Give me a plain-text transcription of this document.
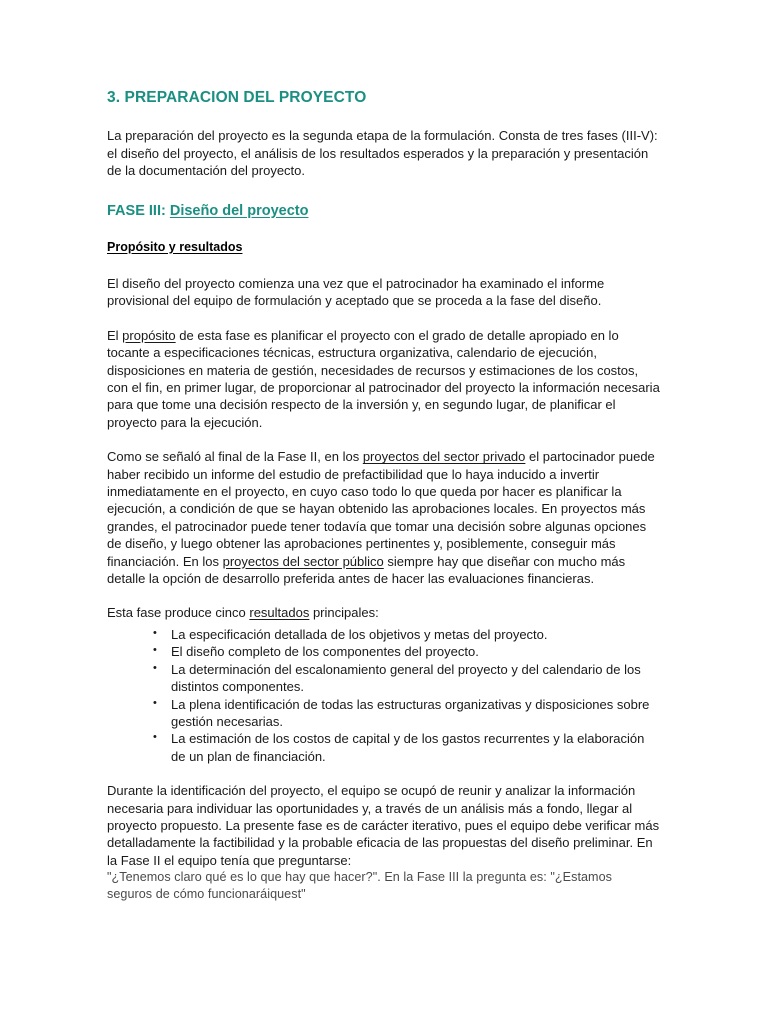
3. PREPARACION DEL PROYECTO

La preparación del proyecto es la segunda etapa de la formulación. Consta de tres fases (III-V): el diseño del proyecto, el análisis de los resultados esperados y la preparación y presentación de la documentación del proyecto.

FASE III: Diseño del proyecto
Propósito y resultados

El diseño del proyecto comienza una vez que el patrocinador ha examinado el informe provisional del equipo de formulación y aceptado que se proceda a la fase del diseño.

El propósito de esta fase es planificar el proyecto con el grado de detalle apropiado en lo tocante a especificaciones técnicas, estructura organizativa, calendario de ejecución, disposiciones en materia de gestión, necesidades de recursos y estimaciones de los costos, con el fin, en primer lugar, de proporcionar al patrocinador del proyecto la información necesaria para que tome una decisión respecto de la inversión y, en segundo lugar, de planificar el proyecto para la ejecución.

Como se señaló al final de la Fase II, en los proyectos del sector privado el partocinador puede haber recibido un informe del estudio de prefactibilidad que lo haya inducido a invertir inmediatamente en el proyecto, en cuyo caso todo lo que queda por hacer es planificar la ejecución, a condición de que se hayan obtenido las aprobaciones locales. En proyectos más grandes, el patrocinador puede tener todavía que tomar una decisión sobre algunas opciones de diseño, y luego obtener las aprobaciones pertinentes y, posiblemente, conseguir más financiación. En los proyectos del sector público siempre hay que diseñar con mucho más detalle la opción de desarrollo preferida antes de hacer las evaluaciones financieras.

Esta fase produce cinco resultados principales:

• La especificación detallada de los objetivos y metas del proyecto.
• El diseño completo de los componentes del proyecto.
• La determinación del escalonamiento general del proyecto y del calendario de los distintos componentes.
• La plena identificación de todas las estructuras organizativas y disposiciones sobre gestión necesarias.
• La estimación de los costos de capital y de los gastos recurrentes y la elaboración de un plan de financiación.

Durante la identificación del proyecto, el equipo se ocupó de reunir y analizar la información necesaria para individuar las oportunidades y, a través de un análisis más a fondo, llegar al proyecto propuesto. La presente fase es de carácter iterativo, pues el equipo debe verificar más detalladamente la factibilidad y la probable eficacia de las propuestas del diseño preliminar. En la Fase II el equipo tenía que preguntarse:

"¿Tenemos claro qué es lo que hay que hacer?". En la Fase III la pregunta es: "¿Estamos seguros de cómo funcionaráiquest"
